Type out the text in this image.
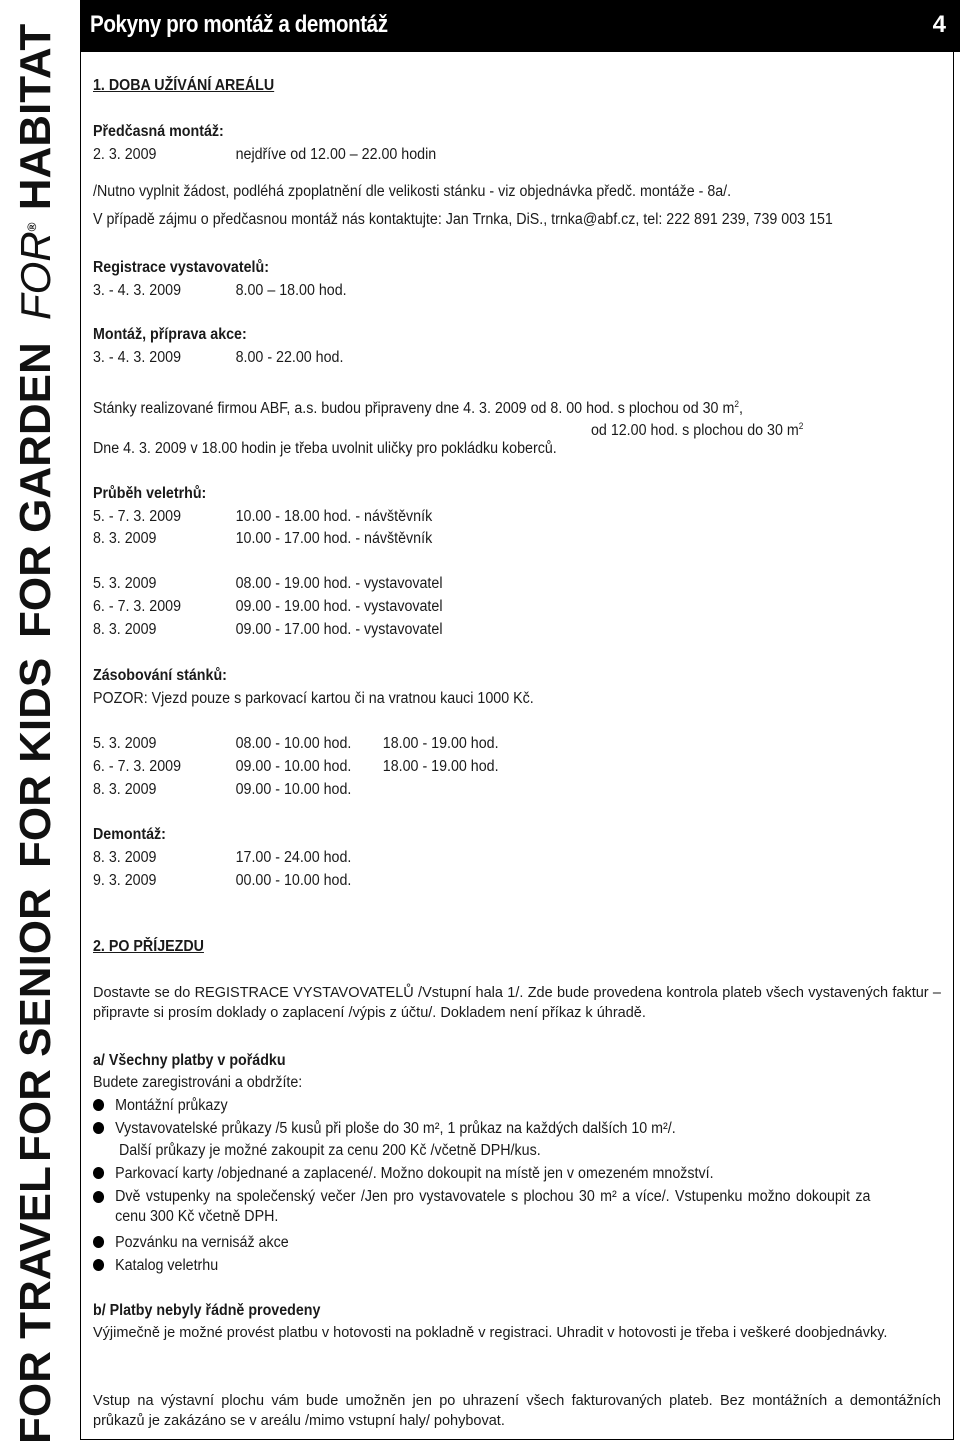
Pokyny pro montáž a demontáž	4
FOR® HABITAT
FOR GARDEN
FOR KIDS
FOR SENIOR
FOR TRAVEL
1. DOBA UŽÍVÁNÍ AREÁLU
Předčasná montáž:
2. 3. 2009	nejdříve od 12.00 – 22.00 hodin
/Nutno vyplnit žádost, podléhá zpoplatnění dle velikosti stánku - viz objednávka předč. montáže - 8a/.
V případě zájmu o předčasnou montáž nás kontaktujte: Jan Trnka, DiS., trnka@abf.cz, tel: 222 891 239, 739 003 151
Registrace vystavovatelů:
3. - 4. 3. 2009	8.00 – 18.00 hod.
Montáž, příprava akce:
3. - 4. 3. 2009	8.00 - 22.00 hod.
Stánky realizované firmou ABF, a.s. budou připraveny dne 4. 3. 2009 od 8. 00 hod. s plochou od 30 $m^2$,
od 12.00 hod. s plochou do 30 $m^2$
Dne 4. 3. 2009 v 18.00 hodin je třeba uvolnit uličky pro pokládku koberců.
Průběh veletrhů:
5. - 7. 3. 2009	10.00 - 18.00 hod. - návštěvník
8. 3. 2009	10.00 - 17.00 hod. - návštěvník
5. 3. 2009	08.00 - 19.00 hod. - vystavovatel
6. - 7. 3. 2009	09.00 - 19.00 hod. - vystavovatel
8. 3. 2009	09.00 - 17.00 hod. - vystavovatel
Zásobování stánků:
POZOR: Vjezd pouze s parkovací kartou či na vratnou kauci 1000 Kč.
5. 3. 2009	08.00 - 10.00 hod. 18.00 - 19.00 hod.
6. - 7. 3. 2009	09.00 - 10.00 hod. 18.00 - 19.00 hod.
8. 3. 2009	09.00 - 10.00 hod.
Demontáž:
8. 3. 2009	17.00 - 24.00 hod.
9. 3. 2009	00.00 - 10.00 hod.
2. PO PŘÍJEZDU
Dostavte se do REGISTRACE VYSTAVOVATELŮ /Vstupní hala 1/. Zde bude provedena kontrola plateb všech vystavených faktur – připravte si prosím doklady o zaplacení /výpis z účtu/. Dokladem není příkaz k úhradě.
a/ Všechny platby v pořádku
Budete zaregistrováni a obdržíte:
Montážní průkazy
Vystavovatelské průkazy /5 kusů při ploše do 30 m², 1 průkaz na každých dalších 10 m²/.
Další průkazy je možné zakoupit za cenu 200 Kč /včetně DPH/kus.
Parkovací karty /objednané a zaplacené/. Možno dokoupit na místě jen v omezeném množství.
Dvě vstupenky na společenský večer /Jen pro vystavovatele s plochou 30 m² a více/. Vstupenku možno dokoupit za cenu 300 Kč včetně DPH.
Pozvánku na vernisáž akce
Katalog veletrhu
b/ Platby nebyly řádně provedeny
Výjimečně je možné provést platbu v hotovosti na pokladně v registraci. Uhradit v hotovosti je třeba i veškeré doobjednávky.
Vstup na výstavní plochu vám bude umožněn jen po uhrazení všech fakturovaných plateb. Bez montážních a demontážních průkazů je zakázáno se v areálu /mimo vstupní haly/ pohybovat.
